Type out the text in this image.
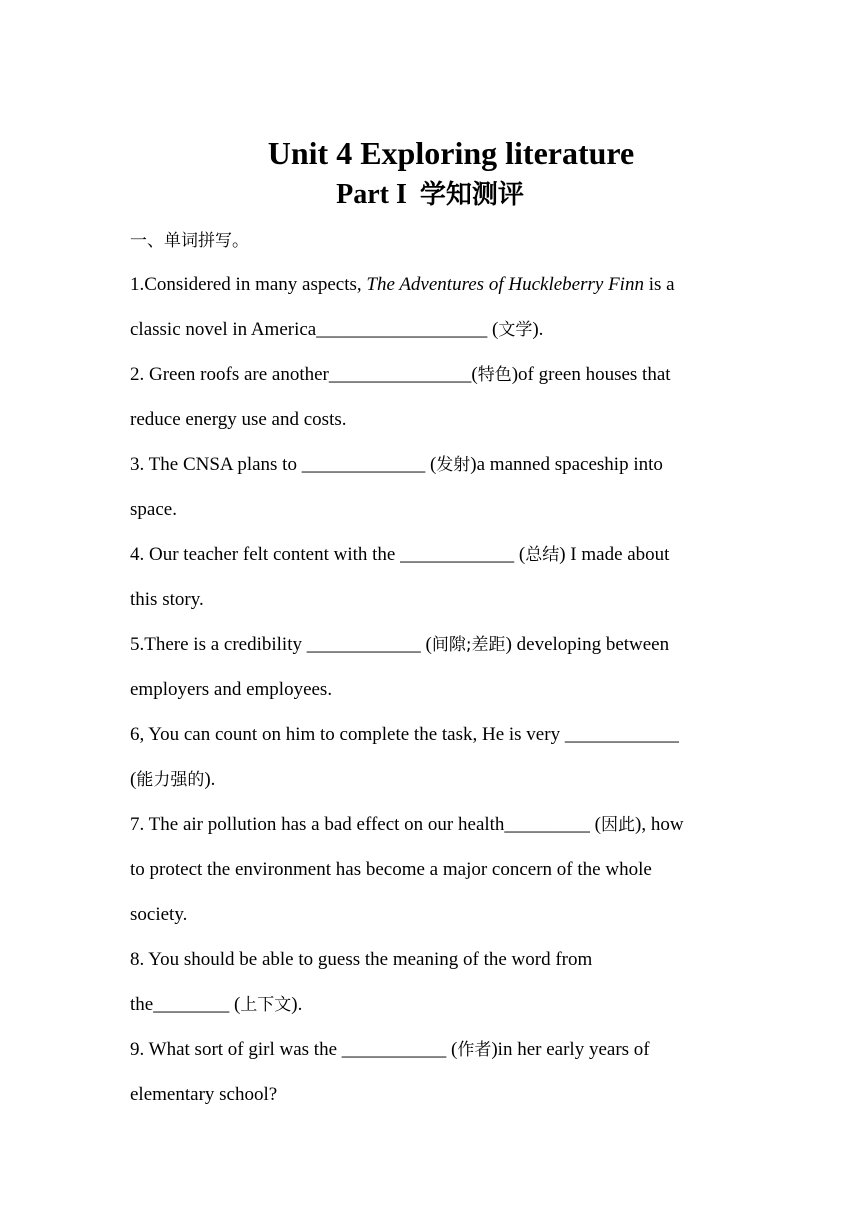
Unit 4 Exploring literature
Part I 学知测评
一、单词拼写。
1.Considered in many aspects, The Adventures of Huckleberry Finn is a
classic novel in America__________________ (文学).
2. Green roofs are another_______________(特色)of green houses that
reduce energy use and costs.
3. The CNSA plans to _____________ (发射)a manned spaceship into
space.
4. Our teacher felt content with the ____________ (总结) I made about
this story.
5.There is a credibility ____________ (间隙;差距) developing between
employers and employees.
6, You can count on him to complete the task, He is very ____________
(能力强的).
7. The air pollution has a bad effect on our health_________ (因此), how
to protect the environment has become a major concern of the whole
society.
8. You should be able to guess the meaning of the word from
the________ (上下文).
9. What sort of girl was the ___________ (作者)in her early years of
elementary school?
